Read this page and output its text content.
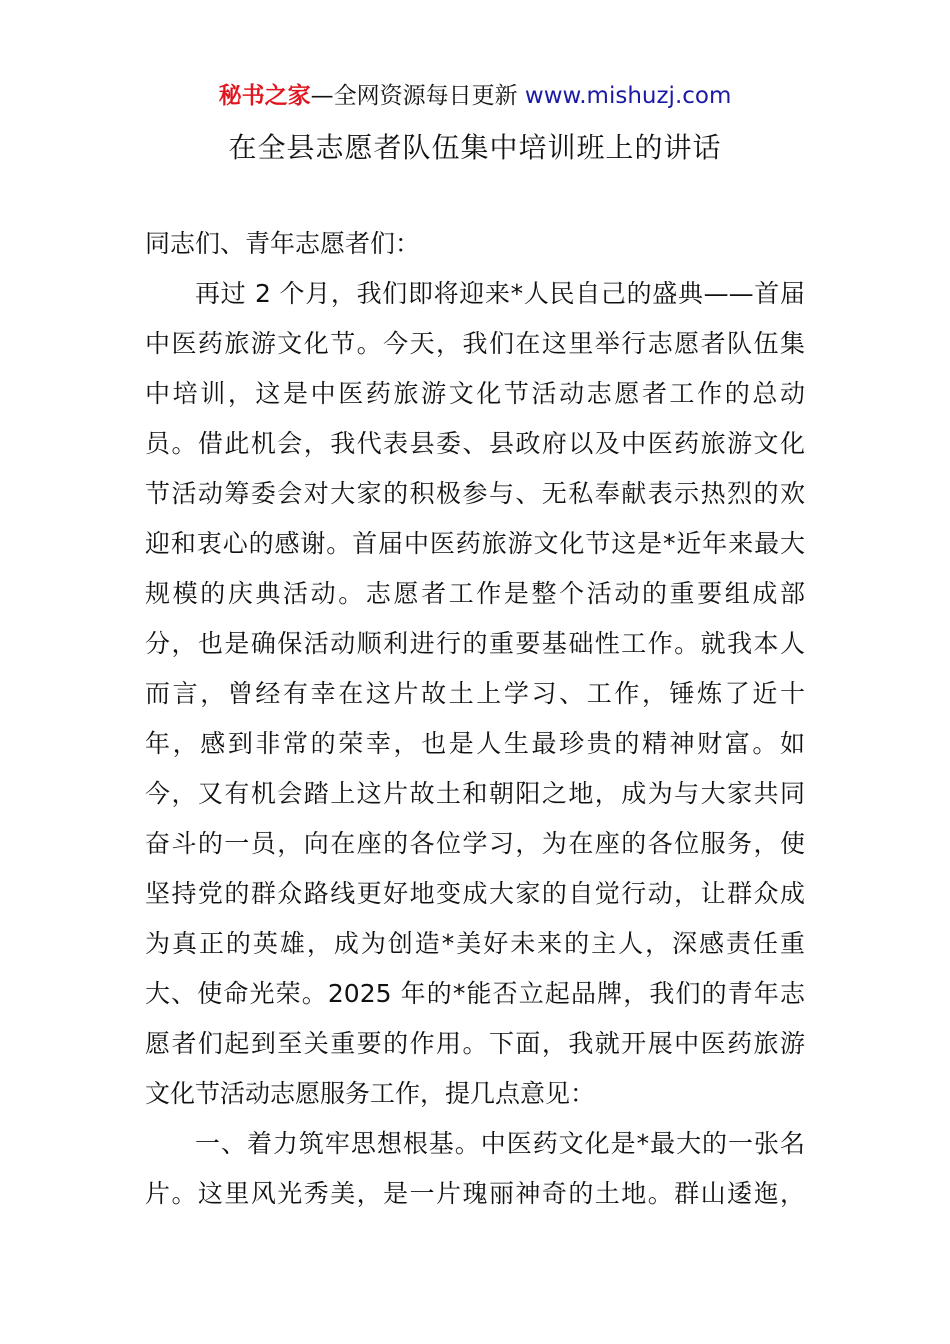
秘书之家—全网资源每日更新 www.mishuzj.com
在全县志愿者队伍集中培训班上的讲话
同志们、青年志愿者们：
再过 2 个月，我们即将迎来*人民自己的盛典——首届
中医药旅游文化节。今天，我们在这里举行志愿者队伍集
中培训，这是中医药旅游文化节活动志愿者工作的总动
员。借此机会，我代表县委、县政府以及中医药旅游文化
节活动筹委会对大家的积极参与、无私奉献表示热烈的欢
迎和衷心的感谢。首届中医药旅游文化节这是*近年来最大
规模的庆典活动。志愿者工作是整个活动的重要组成部
分，也是确保活动顺利进行的重要基础性工作。就我本人
而言，曾经有幸在这片故土上学习、工作，锤炼了近十
年，感到非常的荣幸，也是人生最珍贵的精神财富。如
今，又有机会踏上这片故土和朝阳之地，成为与大家共同
奋斗的一员，向在座的各位学习，为在座的各位服务，使
坚持党的群众路线更好地变成大家的自觉行动，让群众成
为真正的英雄，成为创造*美好未来的主人，深感责任重
大、使命光荣。2025 年的*能否立起品牌，我们的青年志
愿者们起到至关重要的作用。下面，我就开展中医药旅游
文化节活动志愿服务工作，提几点意见：
一、着力筑牢思想根基。中医药文化是*最大的一张名
片。这里风光秀美，是一片瑰丽神奇的土地。群山逶迤，
